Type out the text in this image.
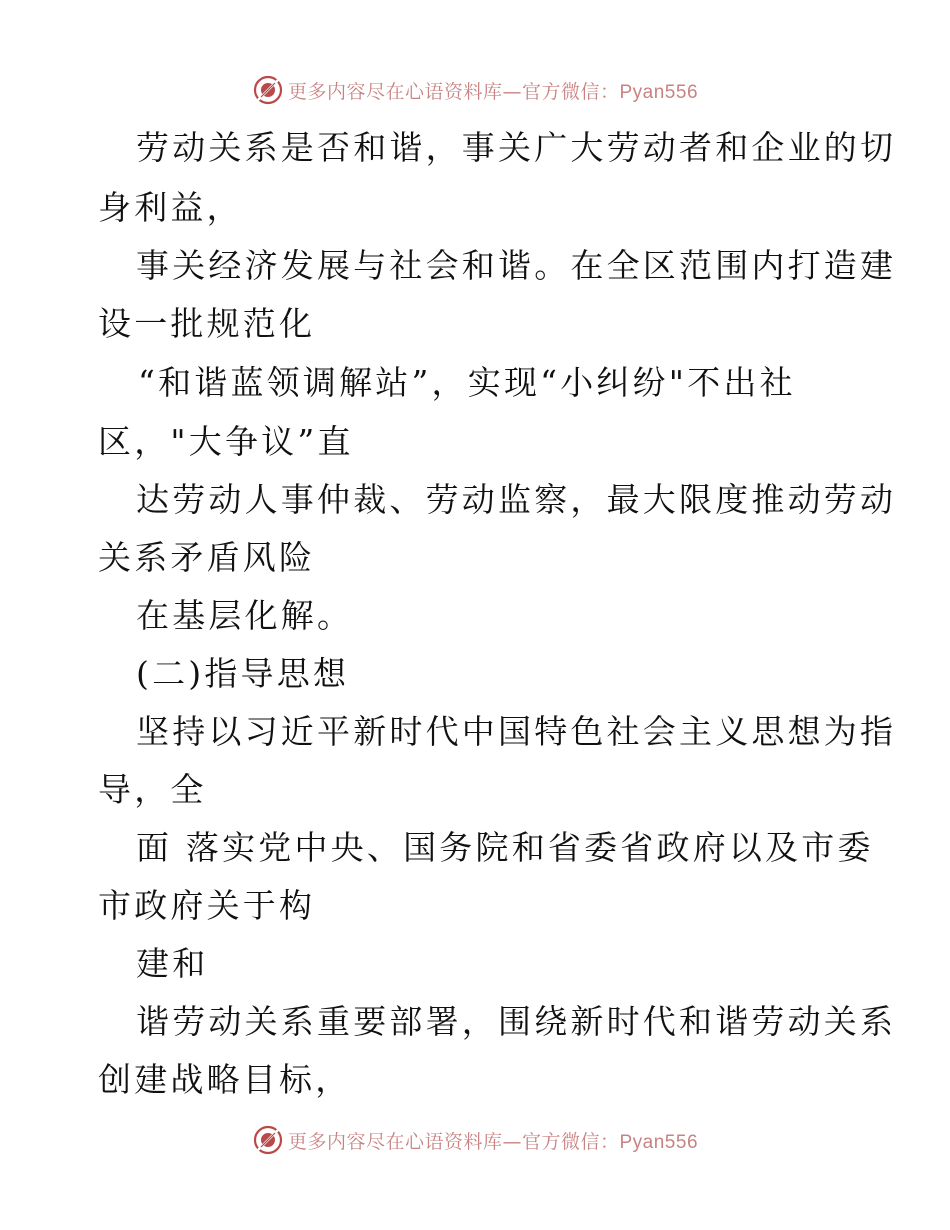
更多内容尽在心语资料库—官方微信：Pyan556
劳动关系是否和谐，事关广大劳动者和企业的切
身利益，
事关经济发展与社会和谐。在全区范围内打造建
设一批规范化
“和谐蓝领调解站”，实现“小纠纷"不出社
区，"大争议”直
达劳动人事仲裁、劳动监察，最大限度推动劳动
关系矛盾风险
在基层化解。
(二)指导思想
坚持以习近平新时代中国特色社会主义思想为指
导，全
面 落实党中央、国务院和省委省政府以及市委
市政府关于构
建和
谐劳动关系重要部署，围绕新时代和谐劳动关系
创建战略目标，
更多内容尽在心语资料库—官方微信：Pyan556
